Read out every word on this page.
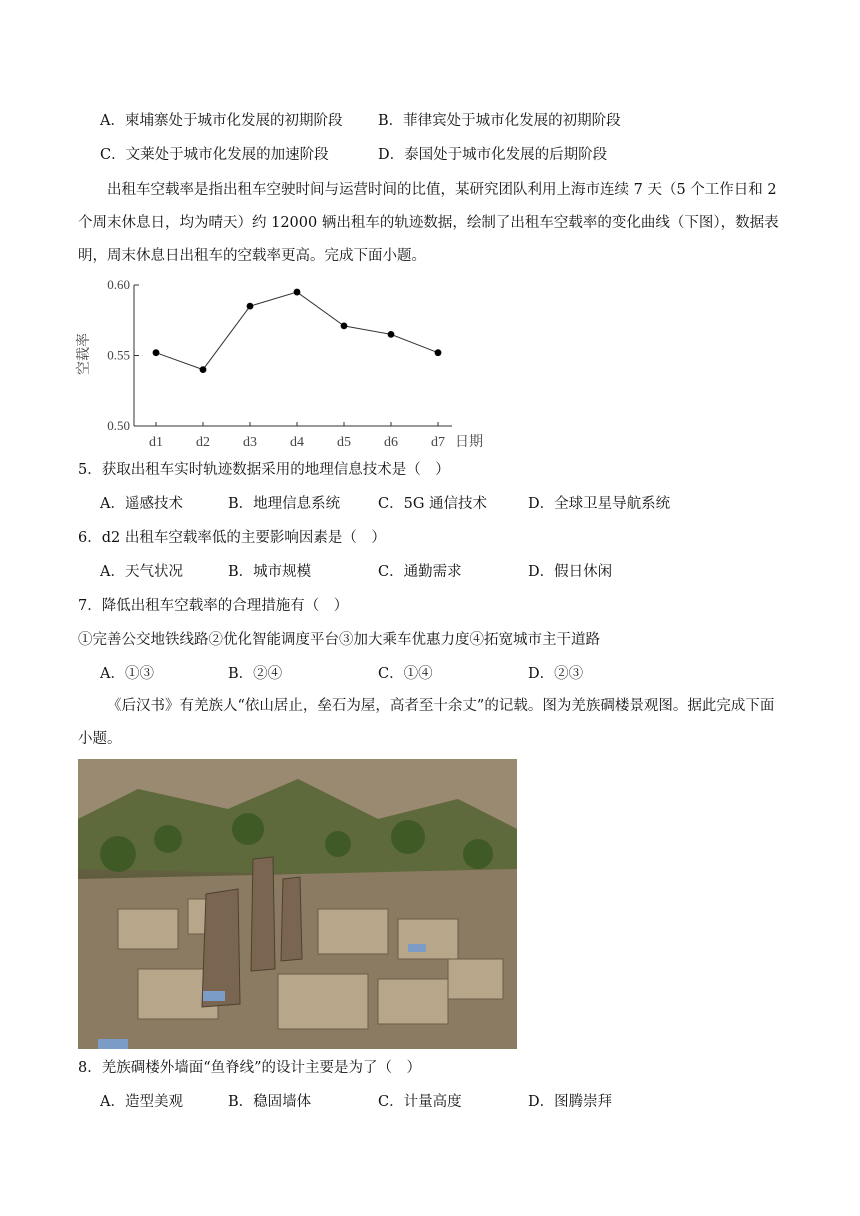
A．柬埔寨处于城市化发展的初期阶段 B．菲律宾处于城市化发展的初期阶段
C．文莱处于城市化发展的加速阶段	D．泰国处于城市化发展的后期阶段
出租车空载率是指出租车空驶时间与运营时间的比值，某研究团队利用上海市连续 7 天（5 个工作日和 2 个周末休息日，均为晴天）约 12000 辆出租车的轨迹数据，绘制了出租车空载率的变化曲线（下图），数据表明，周末休息日出租车的空载率更高。完成下面小题。
0.60
0.55
0.50
d1 d2 d3 d4 d5 d6 d7
空载率
日期
5．获取出租车实时轨迹数据采用的地理信息技术是（　）
A．遥感技术	B．地理信息系统	C．5G 通信技术	D．全球卫星导航系统
6．d2 出租车空载率低的主要影响因素是（　）
A．天气状况	B．城市规模	C．通勤需求	D．假日休闲
7．降低出租车空载率的合理措施有（　）
①完善公交地铁线路②优化智能调度平台③加大乘车优惠力度④拓宽城市主干道路
A．①③	B．②④	C．①④	D．②③
《后汉书》有羌族人“依山居止，垒石为屋，高者至十余丈”的记载。图为羌族碉楼景观图。据此完成下面小题。
8．羌族碉楼外墙面“鱼脊线”的设计主要是为了（　）
A．造型美观	B．稳固墙体	C．计量高度	D．图腾崇拜
